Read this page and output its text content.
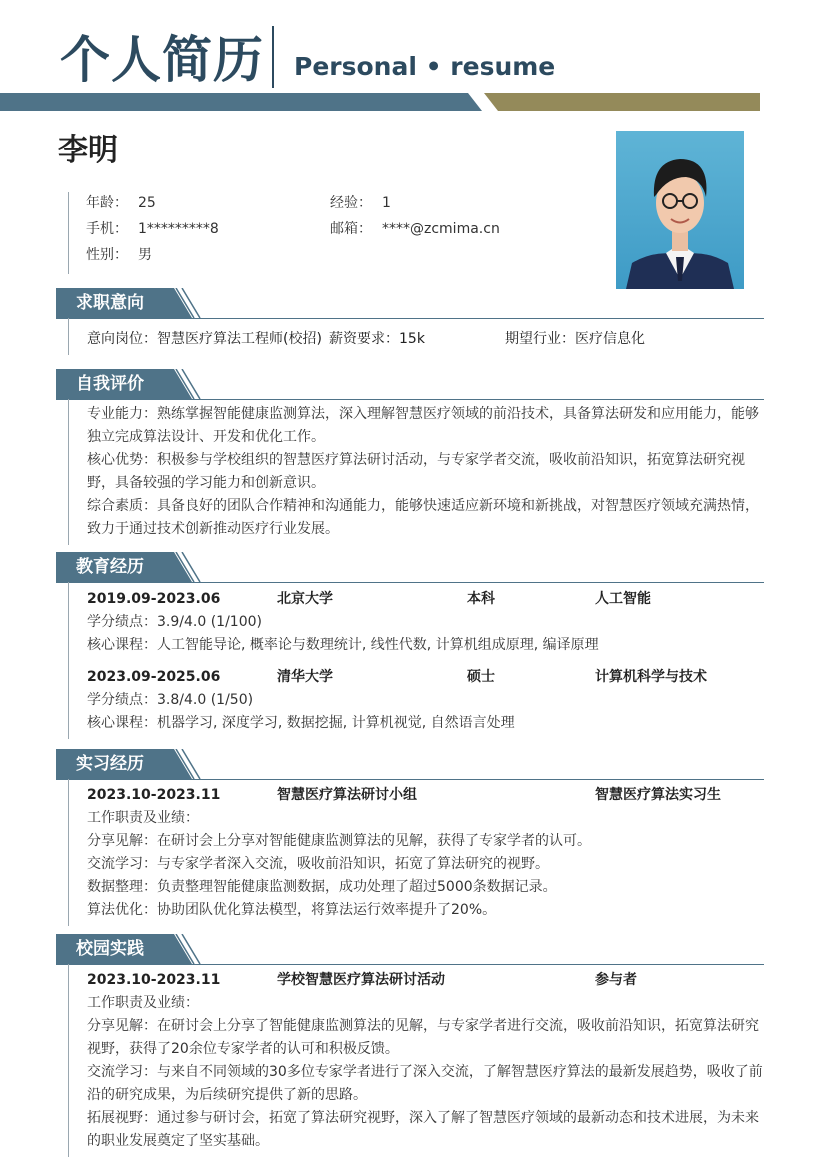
个人简历 Personal • resume
李明
年龄： 25	经验： 1
手机： 1*********8	邮箱： ****@zcmima.cn
性别： 男
求职意向
意向岗位：智慧医疗算法工程师(校招) 薪资要求：15k	期望行业：医疗信息化
自我评价
专业能力：熟练掌握智能健康监测算法，深入理解智慧医疗领域的前沿技术，具备算法研发和应用能力，能够独立完成算法设计、开发和优化工作。
核心优势：积极参与学校组织的智慧医疗算法研讨活动，与专家学者交流，吸收前沿知识，拓宽算法研究视野，具备较强的学习能力和创新意识。
综合素质：具备良好的团队合作精神和沟通能力，能够快速适应新环境和新挑战，对智慧医疗领域充满热情，致力于通过技术创新推动医疗行业发展。
教育经历
2019.09-2023.06	北京大学	本科	人工智能
学分绩点：3.9/4.0 (1/100)
核心课程：人工智能导论, 概率论与数理统计, 线性代数, 计算机组成原理, 编译原理
2023.09-2025.06	清华大学	硕士	计算机科学与技术
学分绩点：3.8/4.0 (1/50)
核心课程：机器学习, 深度学习, 数据挖掘, 计算机视觉, 自然语言处理
实习经历
2023.10-2023.11	智慧医疗算法研讨小组	智慧医疗算法实习生
工作职责及业绩：
分享见解：在研讨会上分享对智能健康监测算法的见解，获得了专家学者的认可。
交流学习：与专家学者深入交流，吸收前沿知识，拓宽了算法研究的视野。
数据整理：负责整理智能健康监测数据，成功处理了超过5000条数据记录。
算法优化：协助团队优化算法模型，将算法运行效率提升了20%。
校园实践
2023.10-2023.11	学校智慧医疗算法研讨活动	参与者
工作职责及业绩：
分享见解：在研讨会上分享了智能健康监测算法的见解，与专家学者进行交流，吸收前沿知识，拓宽算法研究视野，获得了20余位专家学者的认可和积极反馈。
交流学习：与来自不同领域的30多位专家学者进行了深入交流，了解智慧医疗算法的最新发展趋势，吸收了前沿的研究成果，为后续研究提供了新的思路。
拓展视野：通过参与研讨会，拓宽了算法研究视野，深入了解了智慧医疗领域的最新动态和技术进展，为未来的职业发展奠定了坚实基础。
